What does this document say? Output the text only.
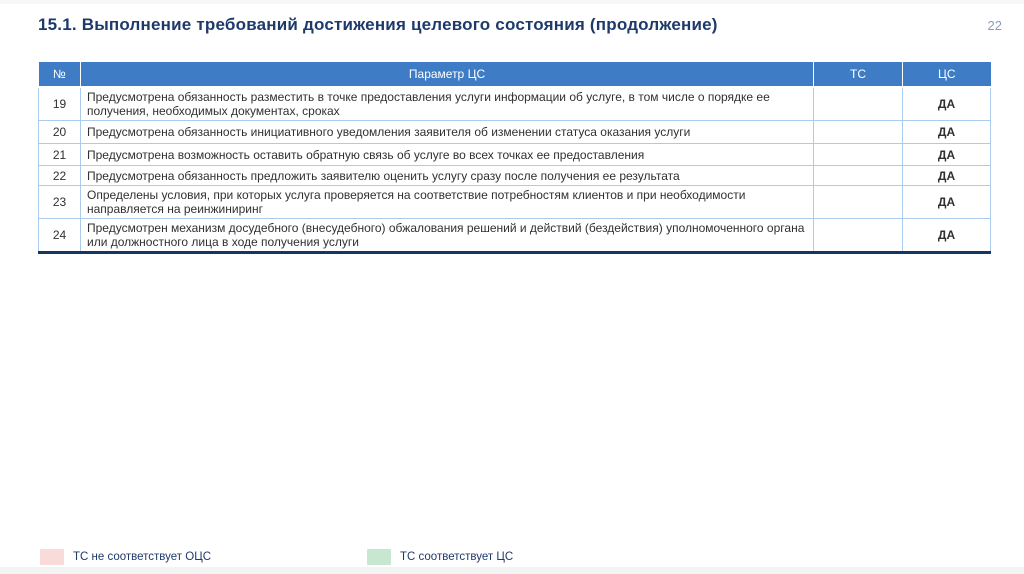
15.1. Выполнение требований достижения целевого состояния (продолжение)	22
№	Параметр ЦС	ТС	ЦС
19	Предусмотрена обязанность разместить в точке предоставления услуги информации об услуге, в том числе о порядке ее получения, необходимых документах, сроках		ДА
20	Предусмотрена обязанность инициативного уведомления заявителя об изменении статуса оказания услуги		ДА
21	Предусмотрена возможность оставить обратную связь об услуге во всех точках ее предоставления		ДА
22	Предусмотрена обязанность предложить заявителю оценить услугу сразу после получения ее результата		ДА
23	Определены условия, при которых услуга проверяется на соответствие потребностям клиентов и при необходимости направляется на реинжиниринг		ДА
24	Предусмотрен механизм досудебного (внесудебного) обжалования решений и действий (бездействия) уполномоченного органа или должностного лица в ходе получения услуги		ДА
ТС не соответствует ОЦС	ТС соответствует ЦС
